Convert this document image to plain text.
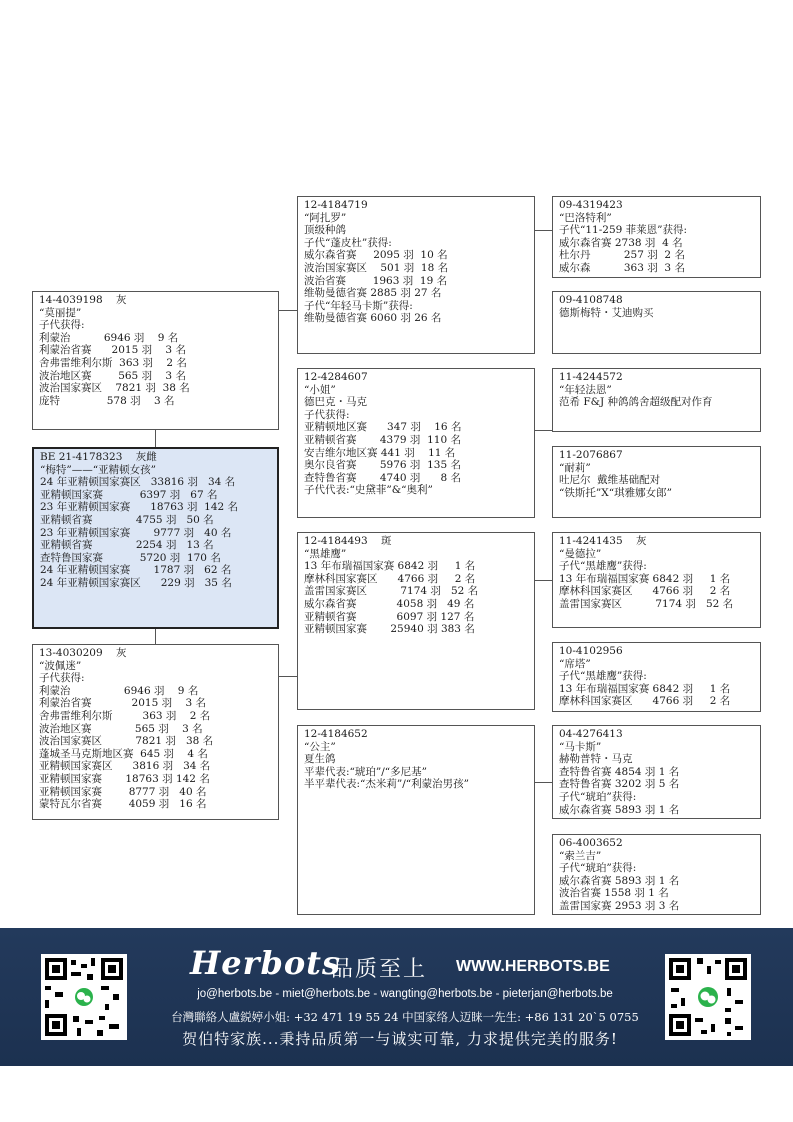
14-4039198    灰
“莫丽提”
子代获得:
利蒙治          6946 羽    9 名
利蒙治省赛      2015 羽    3 名
舍弗雷维利尔斯  363 羽    2 名
波治地区赛        565 羽    3 名
波治国家赛区    7821 羽  38 名
庞特              578 羽    3 名
BE 21-4178323    灰雌
“梅特”——“亚精顿女孩”
24 年亚精顿国家赛区   33816 羽   34 名
亚精顿国家赛           6397 羽   67 名
23 年亚精顿国家赛      18763 羽  142 名
亚精顿省赛             4755 羽   50 名
23 年亚精顿国家赛       9777 羽   40 名
亚精顿省赛             2254 羽   13 名
查特鲁国家赛           5720 羽  170 名
24 年亚精顿国家赛       1787 羽   62 名
24 年亚精顿国家赛区      229 羽   35 名
13-4030209    灰
“波佩迷”
子代获得:
利蒙治                6946 羽    9 名
利蒙治省赛            2015 羽    3 名
舍弗雷维利尔斯         363 羽    2 名
波治地区赛             565 羽    3 名
波治国家赛区          7821 羽   38 名
蓬城圣马克斯地区赛  645 羽    4 名
亚精顿国家赛区      3816 羽   34 名
亚精顿国家赛       18763 羽 142 名
亚精顿国家赛        8777 羽   40 名
蒙特瓦尔省赛        4059 羽   16 名
12-4184719
“阿扎罗”
顶级种鸽
子代“蓬皮杜”获得:
威尔森省赛     2095 羽  10 名
波治国家赛区    501 羽  18 名
波治省赛        1963 羽  19 名
维勒曼德省赛 2885 羽 27 名
子代“年轻马卡斯”获得:
维勒曼德省赛 6060 羽 26 名
12-4284607
“小姐”
德巴克・马克
子代获得:
亚精顿地区赛      347 羽    16 名
亚精顿省赛       4379 羽  110 名
安吉维尔地区赛 441 羽    11 名
奥尔良省赛       5976 羽  135 名
查特鲁省赛       4740 羽      8 名
子代代表:“史黛菲”&“奥利”
12-4184493    斑
“黑雄鹰”
13 年布瑞福国家赛 6842 羽     1 名
摩林科国家赛区      4766 羽     2 名
盖雷国家赛区          7174 羽   52 名
威尔森省赛            4058 羽   49 名
亚精顿省赛            6097 羽 127 名
亚精顿国家赛       25940 羽 383 名
12-4184652
“公主”
夏生鸽
平辈代表:“琥珀”/“多尼基”
半平辈代表:“杰米莉”/“利蒙治男孩”
09-4319423
“巴洛特利”
子代“11-259 菲莱恩”获得:
威尔森省赛 2738 羽  4 名
杜尔丹          257 羽  2 名
威尔森          363 羽  3 名
09-4108748
德斯梅特・艾迪购买
11-4244572
“年轻法恩”
范希 F&J 种鸽鸽舍超级配对作育
11-2076867
“耐莉”
吐尼尔  戴维基础配对
“铁斯托”X“琪雅娜女郎”
11-4241435    灰
“曼德拉”
子代“黑雄鹰”获得:
13 年布瑞福国家赛 6842 羽     1 名
摩林科国家赛区      4766 羽     2 名
盖雷国家赛区          7174 羽   52 名
10-4102956
“席塔”
子代“黑雄鹰”获得:
13 年布瑞福国家赛 6842 羽     1 名
摩林科国家赛区      4766 羽     2 名
04-4276413
“马卡斯”
赫勒普特・马克
查特鲁省赛 4854 羽 1 名
查特鲁省赛 3202 羽 5 名
子代“琥珀”获得:
威尔森省赛 5893 羽 1 名
06-4003652
“索兰吉”
子代“琥珀”获得:
威尔森省赛 5893 羽 1 名
波治省赛 1558 羽 1 名
盖雷国家赛 2953 羽 3 名
Herbots
品质至上 WWW.HERBOTS.BE
jo@herbots.be - miet@herbots.be - wangting@herbots.be - pieterjan@herbots.be
台灣聯絡人盧鋭婷小姐: +32 471 19 55 24 中国家络人迈睐一先生: +86 131 20`5 0755
贺伯特家族...秉持品质第一与诚实可靠, 力求提供完美的服务!
